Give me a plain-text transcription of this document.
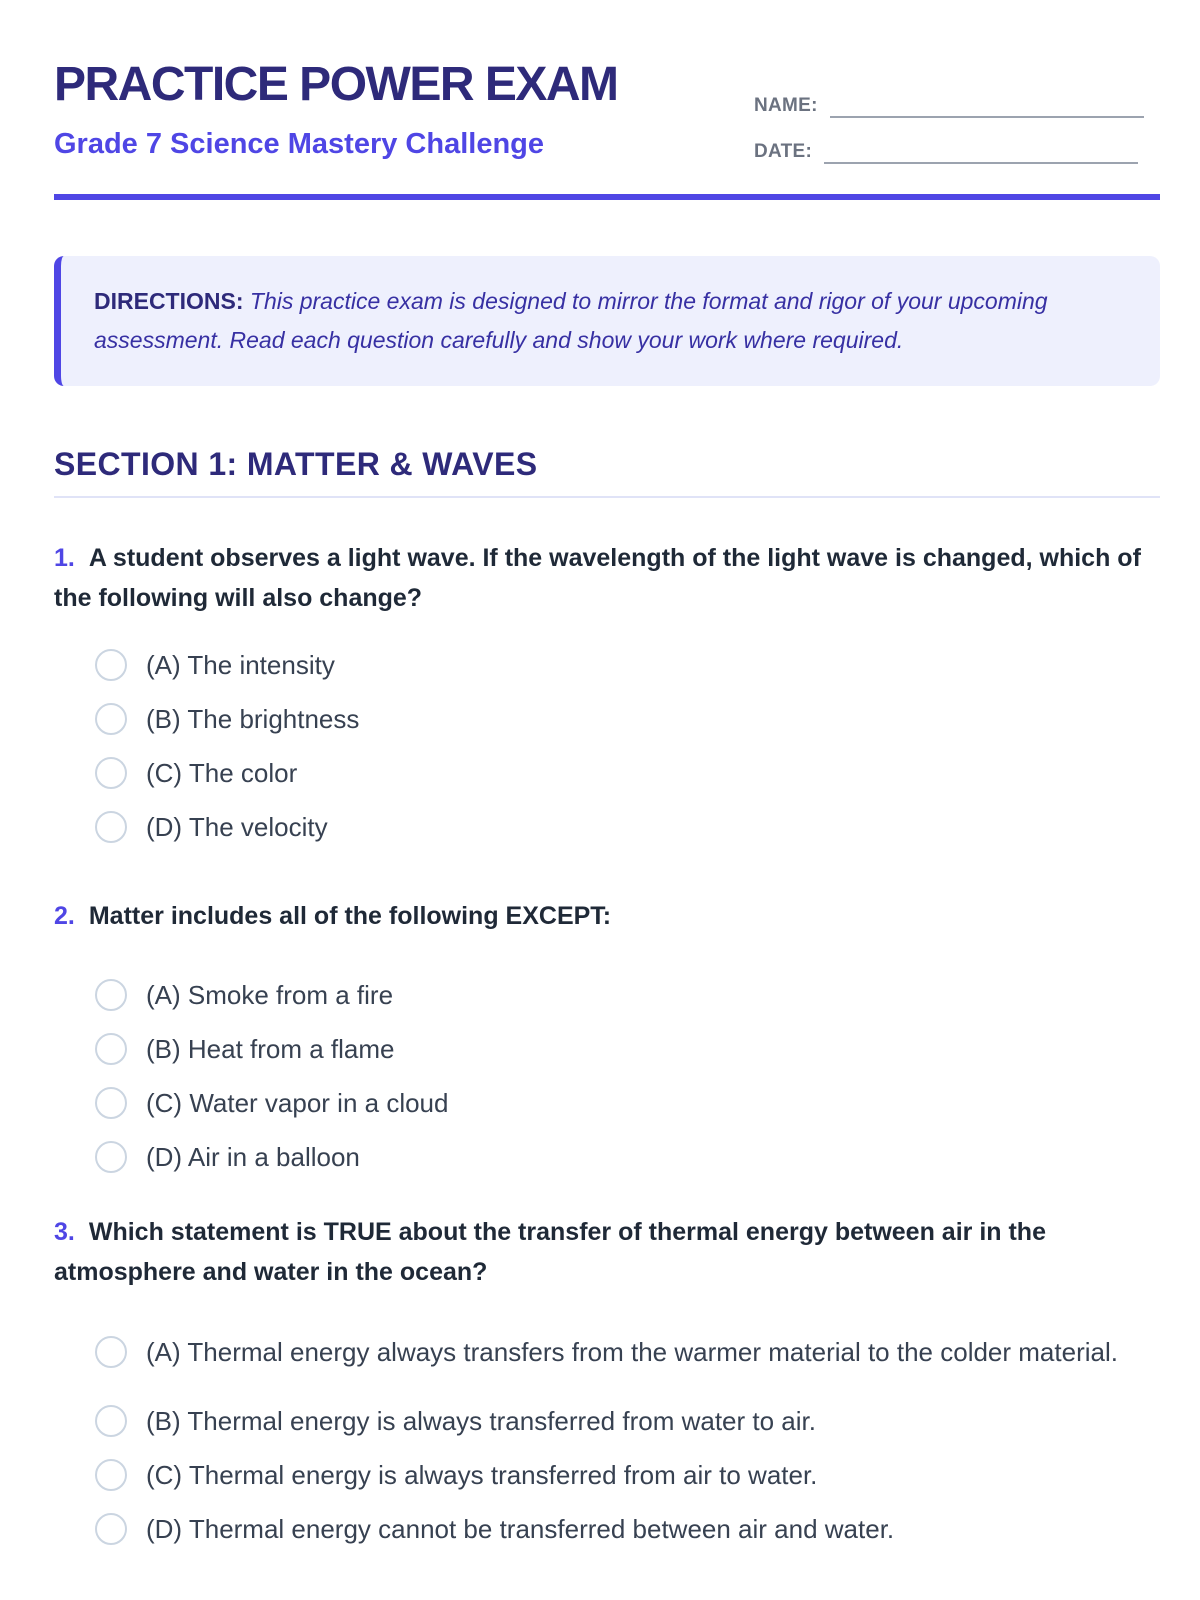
PRACTICE POWER EXAM
Grade 7 Science Mastery Challenge
NAME:
DATE:
DIRECTIONS: This practice exam is designed to mirror the format and rigor of your upcoming assessment. Read each question carefully and show your work where required.
SECTION 1: MATTER & WAVES

1. A student observes a light wave. If the wavelength of the light wave is changed, which of the following will also change?

(A) The intensity
(B) The brightness
(C) The color
(D) The velocity

2. Matter includes all of the following EXCEPT:

(A) Smoke from a fire
(B) Heat from a flame
(C) Water vapor in a cloud
(D) Air in a balloon

3. Which statement is TRUE about the transfer of thermal energy between air in the atmosphere and water in the ocean?

(A) Thermal energy always transfers from the warmer material to the colder material.
(B) Thermal energy is always transferred from water to air.
(C) Thermal energy is always transferred from air to water.
(D) Thermal energy cannot be transferred between air and water.
